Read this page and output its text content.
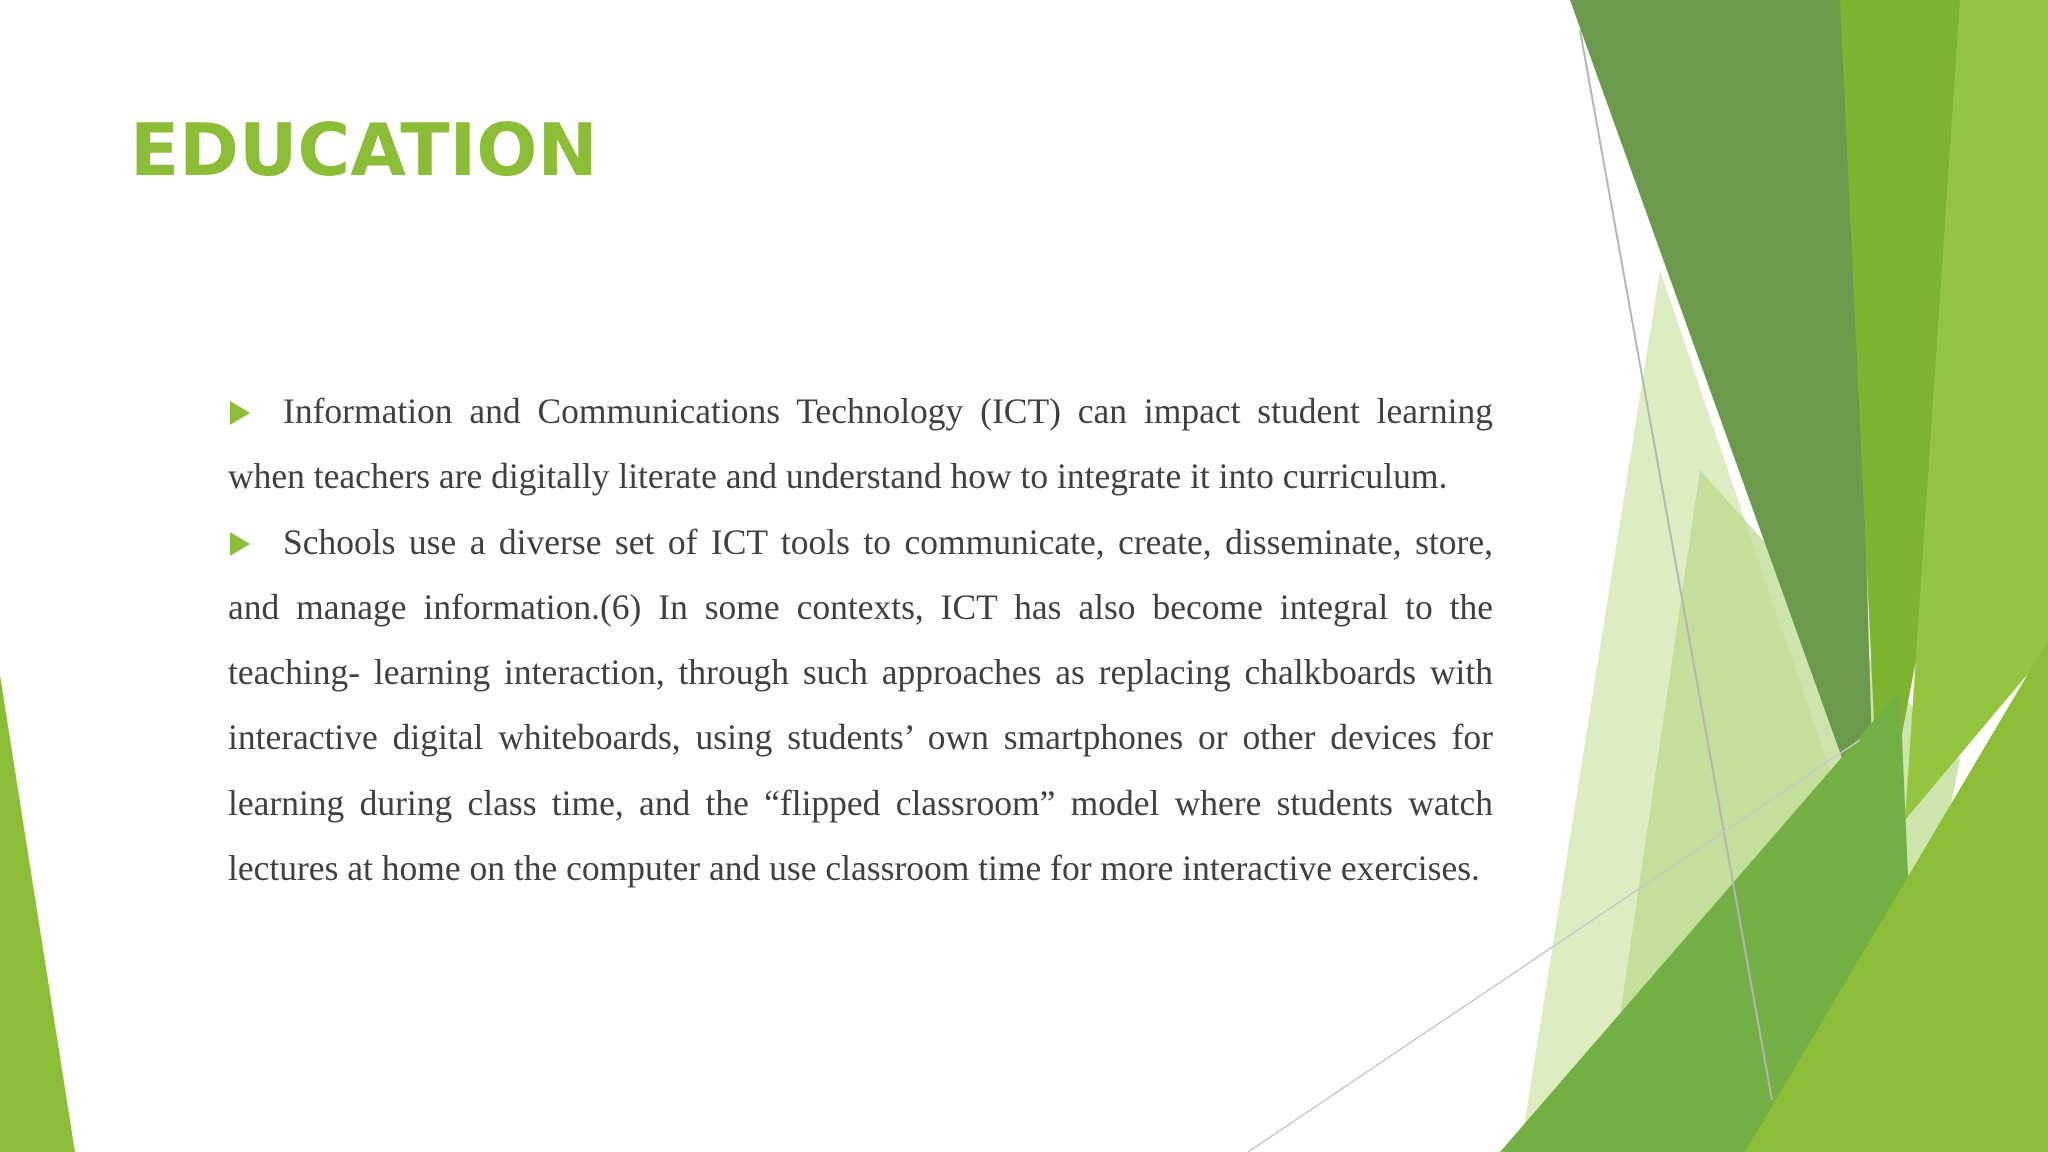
EDUCATION

Information and Communications Technology (ICT) can impact student learning when teachers are digitally literate and understand how to integrate it into curriculum.

Schools use a diverse set of ICT tools to communicate, create, disseminate, store, and manage information.(6) In some contexts, ICT has also become integral to the teaching- learning interaction, through such approaches as replacing chalkboards with interactive digital whiteboards, using students’ own smartphones or other devices for learning during class time, and the “flipped classroom” model where students watch lectures at home on the computer and use classroom time for more interactive exercises.
